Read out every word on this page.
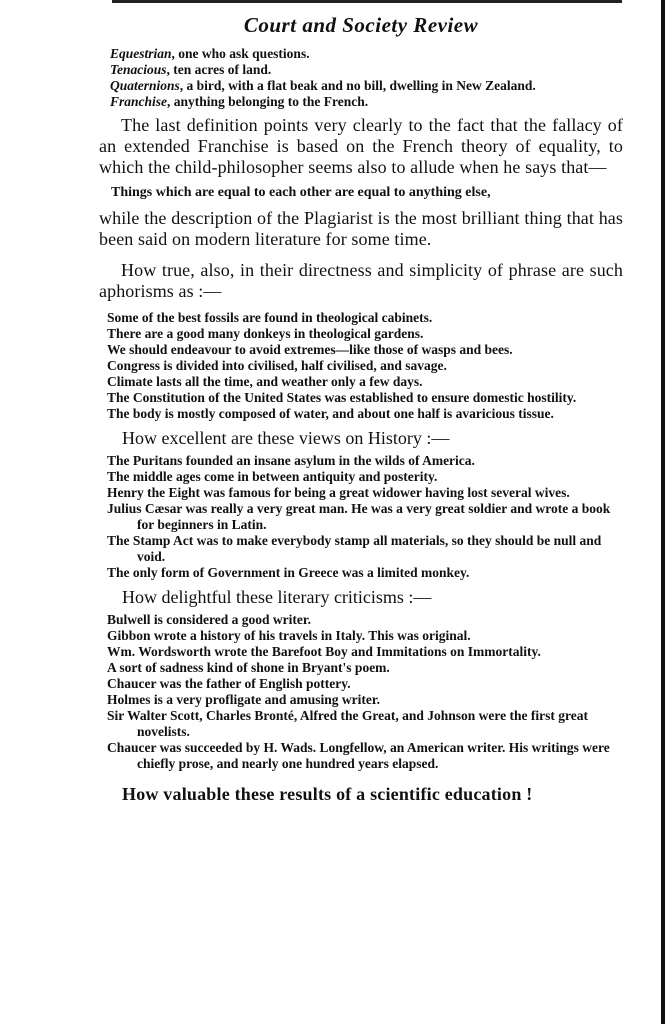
Court and Society Review
Equestrian, one who ask questions.
Tenacious, ten acres of land.
Quaternions, a bird, with a flat beak and no bill, dwelling in New Zealand.
Franchise, anything belonging to the French.
The last definition points very clearly to the fact that the fallacy of an extended Franchise is based on the French theory of equality, to which the child-philosopher seems also to allude when he says that—
Things which are equal to each other are equal to anything else,
while the description of the Plagiarist is the most brilliant thing that has been said on modern literature for some time.
How true, also, in their directness and simplicity of phrase are such aphorisms as :—
Some of the best fossils are found in theological cabinets.
There are a good many donkeys in theological gardens.
We should endeavour to avoid extremes—like those of wasps and bees.
Congress is divided into civilised, half civilised, and savage.
Climate lasts all the time, and weather only a few days.
The Constitution of the United States was established to ensure domestic hostility.
The body is mostly composed of water, and about one half is avaricious tissue.
How excellent are these views on History :—
The Puritans founded an insane asylum in the wilds of America.
The middle ages come in between antiquity and posterity.
Henry the Eight was famous for being a great widower having lost several wives.
Julius Cæsar was really a very great man. He was a very great soldier and wrote a book for beginners in Latin.
The Stamp Act was to make everybody stamp all materials, so they should be null and void.
The only form of Government in Greece was a limited monkey.
How delightful these literary criticisms :—
Bulwell is considered a good writer.
Gibbon wrote a history of his travels in Italy. This was original.
Wm. Wordsworth wrote the Barefoot Boy and Immitations on Immortality.
A sort of sadness kind of shone in Bryant's poem.
Chaucer was the father of English pottery.
Holmes is a very profligate and amusing writer.
Sir Walter Scott, Charles Bronté, Alfred the Great, and Johnson were the first great novelists.
Chaucer was succeeded by H. Wads. Longfellow, an American writer. His writings were chiefly prose, and nearly one hundred years elapsed.
How valuable these results of a scientific education !
